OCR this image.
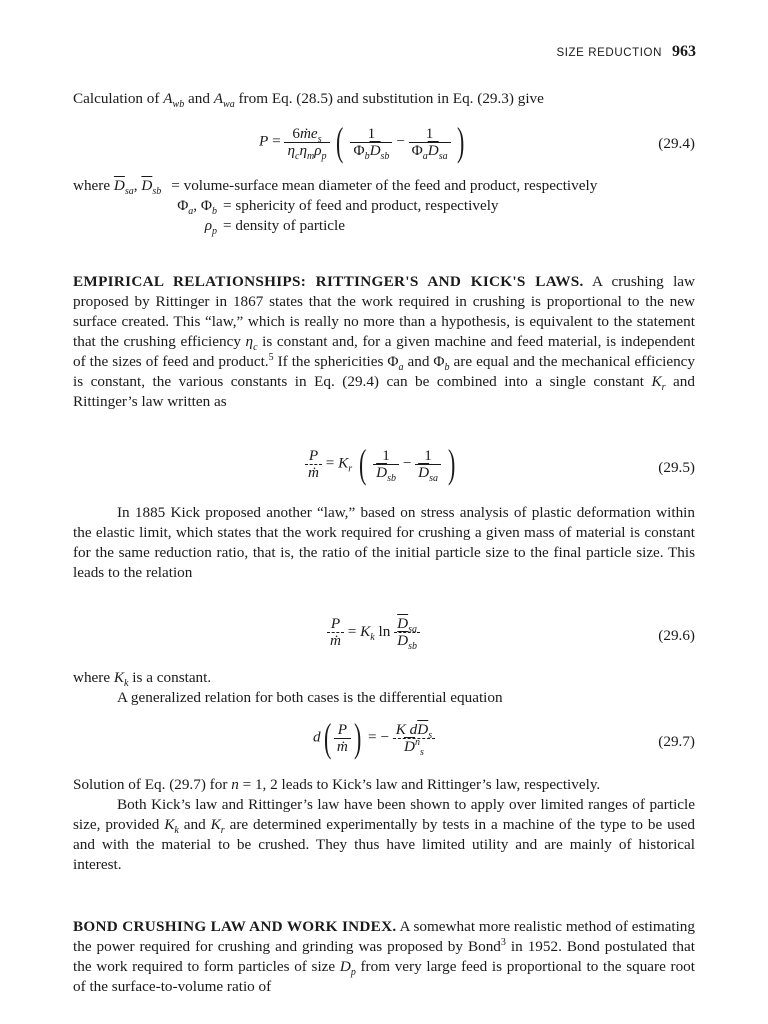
SIZE REDUCTION 963

Calculation of $A_{wb}$ and $A_{wa}$ from Eq. (28.5) and substitution in Eq. (29.3) give

$P = \frac{6ṁe_s}{\eta_c\eta_m\rho_p}$ ( $\frac{1}{\Phi_b\overline{D}_{sb}} - \frac{1}{\Phi_a\overline{D}_{sa}}$ )	(29.4)
where $\overline{D}_{sa}$, $\overline{D}_{sb}$ = volume-surface mean diameter of the feed and product, respectively
$\Phi_a$, $\Phi_b$ = sphericity of feed and product, respectively
$\rho_p$ = density of particle

EMPIRICAL RELATIONSHIPS: RITTINGER'S AND KICK'S LAWS. A crushing law proposed by Rittinger in 1867 states that the work required in crushing is proportional to the new surface created. This “law,” which is really no more than a hypothesis, is equivalent to the statement that the crushing efficiency $\eta_c$ is constant and, for a given machine and feed material, is independent of the sizes of feed and product.$^5$ If the sphericities $\Phi_a$ and $\Phi_b$ are equal and the mechanical efficiency is constant, the various constants in Eq. (29.4) can be combined into a single constant $K_r$ and Rittinger’s law written as

$\frac{P}{\text{ṁ}} = K_r$ ( $\frac{1}{\overline{D}_{sb}} - \frac{1}{\overline{D}_{sa}}$ )	(29.5)

In 1885 Kick proposed another “law,” based on stress analysis of plastic deformation within the elastic limit, which states that the work required for crushing a given mass of material is constant for the same reduction ratio, that is, the ratio of the initial particle size to the final particle size. This leads to the relation

$\frac{P}{\text{ṁ}} = K_k$ $\ln \frac{\overline{D}_{sa}}{\overline{D}_{sb}}$	(29.6)

where $K_k$ is a constant.

A generalized relation for both cases is the differential equation

$d( \frac{P}{\text{ṁ}}$ ) = − $\frac{K d\overline{D}_s}{\overline{D}^n_s}$	(29.7)

Solution of Eq. (29.7) for n = 1, 2 leads to Kick’s law and Rittinger’s law, respectively.

Both Kick’s law and Rittinger’s law have been shown to apply over limited ranges of particle size, provided $K_k$ and $K_r$ are determined experimentally by tests in a machine of the type to be used and with the material to be crushed. They thus have limited utility and are mainly of historical interest.

BOND CRUSHING LAW AND WORK INDEX. A somewhat more realistic method of estimating the power required for crushing and grinding was proposed by Bond$^3$ in 1952. Bond postulated that the work required to form particles of size $D_p$ from very large feed is proportional to the square root of the surface-to-volume ratio of
